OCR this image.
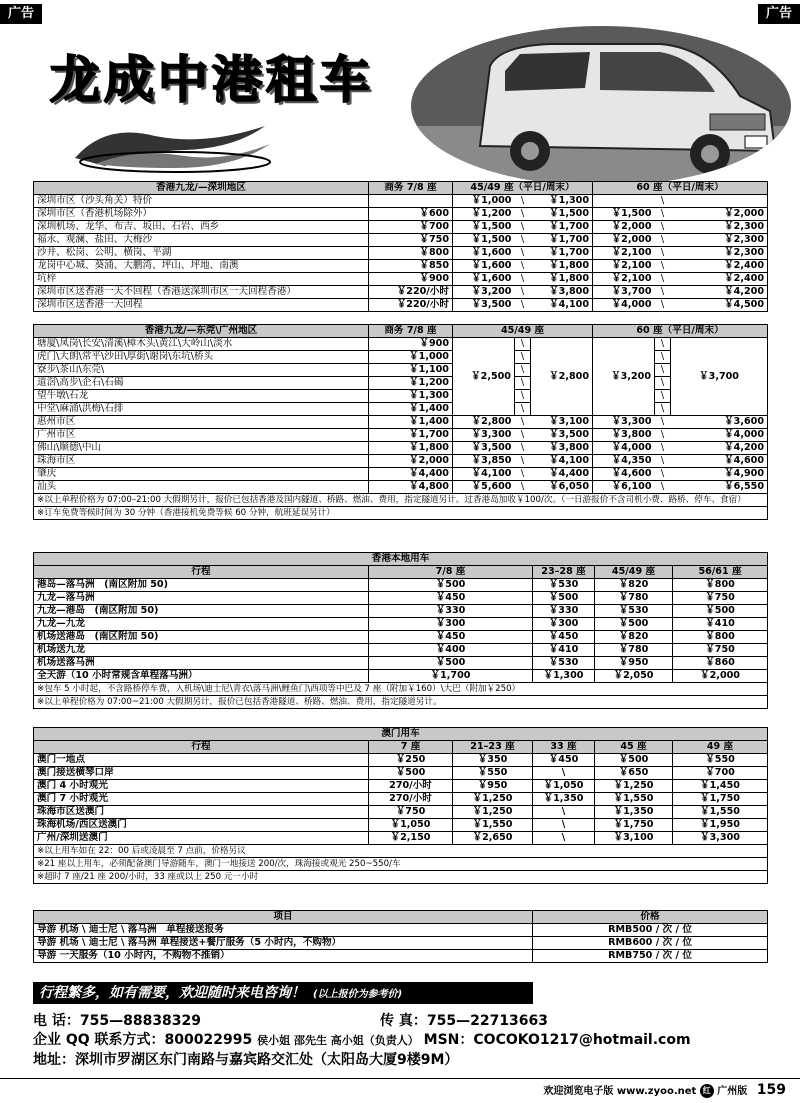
广告	广告
龙成中港租车
香港九龙/—深圳地区	商务 7/8 座	45/49 座（平日/周末）			60 座（平日/周末）		
深圳市区（沙头角关）特价		￥1,000	\	￥1,300		\	
深圳市区（香港机场除外）	￥600	￥1,200	\	￥1,500	￥1,500	\	￥2,000
深圳机场、龙华、布吉、坂田、石岩、西乡	￥700	￥1,500	\	￥1,700	￥2,000	\	￥2,300
福永、观澜、盐田、大梅沙	￥750	￥1,500	\	￥1,700	￥2,000	\	￥2,300
沙井、松岗、公明、横岗、平湖	￥800	￥1,600	\	￥1,700	￥2,100	\	￥2,300
龙岗中心城、葵涌、大鹏湾、坪山、坪地、南澳	￥850	￥1,600	\	￥1,800	￥2,100	\	￥2,400
坑梓	￥900	￥1,600	\	￥1,800	￥2,100	\	￥2,400
深圳市区送香港一天不回程（香港送深圳市区一天回程香港）	￥220/小时	￥3,200	\	￥3,800	￥3,700	\	￥4,200
深圳市区送香港一天回程	￥220/小时	￥3,500	\	￥4,100	￥4,000	\	￥4,500
香港九龙/—东莞\广州地区	商务 7/8 座	45/49 座			60 座（平日/周末）		
塘厦\凤岗\长安\清溪\樟木头\黄江\大岭山\淡水	￥900	￥2,500	\	￥2,800	￥3,200	\	￥3,700
虎门\大朗\常平\沙田\厚街\谢岗\东坑\桥头	￥1,000		\			\	
寮步\茶山\东莞\	￥1,100		\			\	
道滘\高步\企石\石碣	￥1,200		\			\	
望牛墩\石龙	￥1,300		\			\	
中堂\麻涌\洪梅\石排	￥1,400		\			\	
惠州市区	￥1,400	￥2,800	\	￥3,100	￥3,300	\	￥3,600
广州市区	￥1,700	￥3,300	\	￥3,500	￥3,800	\	￥4,000
佛山\顺德\中山	￥1,800	￥3,500	\	￥3,800	￥4,000	\	￥4,200
珠海市区	￥2,000	￥3,850	\	￥4,100	￥4,350	\	￥4,600
肇庆	￥4,400	￥4,100	\	￥4,400	￥4,600	\	￥4,900
汕头	￥4,800	￥5,600	\	￥6,050	￥6,100	\	￥6,550
※以上单程价格为 07:00–21:00 大假期另计，报价已包括香港及国内隧道、桥路、燃油、费用，指定隧道另计。过香港岛加收￥100/次。（一日游报价不含司机小费、路桥、停车、食宿）							
※订车免费等候时间为 30 分钟（香港接机免费等候 60 分钟，航班延误另计）							
香港本地用车				
行程	7/8 座	23–28 座	45/49 座	56/61 座
港岛—落马洲　(南区附加 50)	￥500	￥530	￥820	￥800
九龙—落马洲	￥450	￥500	￥780	￥750
九龙—港岛　(南区附加 50)	￥330	￥330	￥530	￥500
九龙—九龙	￥300	￥300	￥500	￥410
机场送港岛　(南区附加 50)	￥450	￥450	￥820	￥800
机场送九龙	￥400	￥410	￥780	￥750
机场送落马洲	￥500	￥530	￥950	￥860
全天游（10 小时常规含单程落马洲）	￥1,700	￥1,300	￥2,050	￥2,000
※包车 5 小时起，不含路桥停车费，入机场\迪士尼\青衣\落马洲\鲤鱼门\西项等中巴及 7 座（附加￥160）\大巴（附加￥250）				
※以上单程价格为 07:00~21:00 大假期另计，报价已包括香港隧道、桥路、燃油、费用，指定隧道另计。				
澳门用车					
行程	7 座	21–23 座	33 座	45 座	49 座
澳门一地点	￥250	￥350	￥450	￥500	￥550
澳门接送横琴口岸	￥500	￥550	\	￥650	￥700
澳门 4 小时观光	270/小时	￥950	￥1,050	￥1,250	￥1,450
澳门 7 小时观光	270/小时	￥1,250	￥1,350	￥1,550	￥1,750
珠海市区送澳门	￥750	￥1,250	\	￥1,350	￥1,550
珠海机场/西区送澳门	￥1,050	￥1,550	\	￥1,750	￥1,950
广州/深圳送澳门	￥2,150	￥2,650	\	￥3,100	￥3,300
※以上用车如在 22：00 后或凌晨至 7 点前，价格另议					
※21 座以上用车，必须配备澳门导游随车，澳门一地接送 200/次，珠海接或观光 250~550/车					
※超时 7 座/21 座 200/小时，33 座或以上 250 元一小时					
项目	价格
导游 机场 \ 迪士尼 \ 落马洲　单程接送报务	RMB500 / 次 / 位
导游 机场 \ 迪士尼 \ 落马洲 单程接送+餐厅服务（5 小时内，不购物）	RMB600 / 次 / 位
导游 一天服务（10 小时内，不购物不推销）	RMB750 / 次 / 位
行程繁多，如有需要，欢迎随时来电咨询！ (以上报价为参考价)
电 话：755—88838329	传 真：755—22713663
企业 QQ 联系方式：800022995 侯小姐 邵先生 高小姐（负责人） MSN：COCOKO1217@hotmail.com
地址：深圳市罗湖区东门南路与嘉宾路交汇处（太阳岛大厦9楼9M）
欢迎浏览电子版 www.zyoo.net 红 广州版 159
